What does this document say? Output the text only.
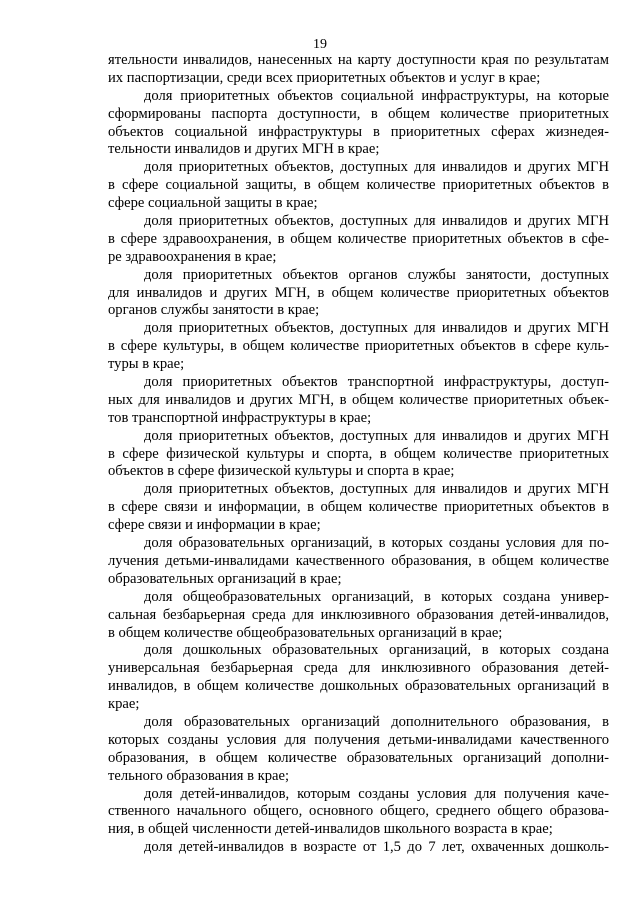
19
ятельности инвалидов, нанесенных на карту доступности края по результатам
их паспортизации, среди всех приоритетных объектов и услуг в крае;
доля приоритетных объектов социальной инфраструктуры, на которые
сформированы паспорта доступности, в общем количестве приоритетных
объектов социальной инфраструктуры в приоритетных сферах жизнедея-
тельности инвалидов и других МГН в крае;
доля приоритетных объектов, доступных для инвалидов и других МГН
в сфере социальной защиты, в общем количестве приоритетных объектов в
сфере социальной защиты в крае;
доля приоритетных объектов, доступных для инвалидов и других МГН
в сфере здравоохранения, в общем количестве приоритетных объектов в сфе-
ре здравоохранения в крае;
доля приоритетных объектов органов службы занятости, доступных
для инвалидов и других МГН, в общем количестве приоритетных объектов
органов службы занятости в крае;
доля приоритетных объектов, доступных для инвалидов и других МГН
в сфере культуры, в общем количестве приоритетных объектов в сфере куль-
туры в крае;
доля приоритетных объектов транспортной инфраструктуры, доступ-
ных для инвалидов и других МГН, в общем количестве приоритетных объек-
тов транспортной инфраструктуры в крае;
доля приоритетных объектов, доступных для инвалидов и других МГН
в сфере физической культуры и спорта, в общем количестве приоритетных
объектов в сфере физической культуры и спорта в крае;
доля приоритетных объектов, доступных для инвалидов и других МГН
в сфере связи и информации, в общем количестве приоритетных объектов в
сфере связи и информации в крае;
доля образовательных организаций, в которых созданы условия для по-
лучения детьми-инвалидами качественного образования, в общем количестве
образовательных организаций в крае;
доля общеобразовательных организаций, в которых создана универ-
сальная безбарьерная среда для инклюзивного образования детей-инвалидов,
в общем количестве общеобразовательных организаций в крае;
доля дошкольных образовательных организаций, в которых создана
универсальная безбарьерная среда для инклюзивного образования детей-
инвалидов, в общем количестве дошкольных образовательных организаций в
крае;
доля образовательных организаций дополнительного образования, в
которых созданы условия для получения детьми-инвалидами качественного
образования, в общем количестве образовательных организаций дополни-
тельного образования в крае;
доля детей-инвалидов, которым созданы условия для получения каче-
ственного начального общего, основного общего, среднего общего образова-
ния, в общей численности детей-инвалидов школьного возраста в крае;
доля детей-инвалидов в возрасте от 1,5 до 7 лет, охваченных дошколь-
